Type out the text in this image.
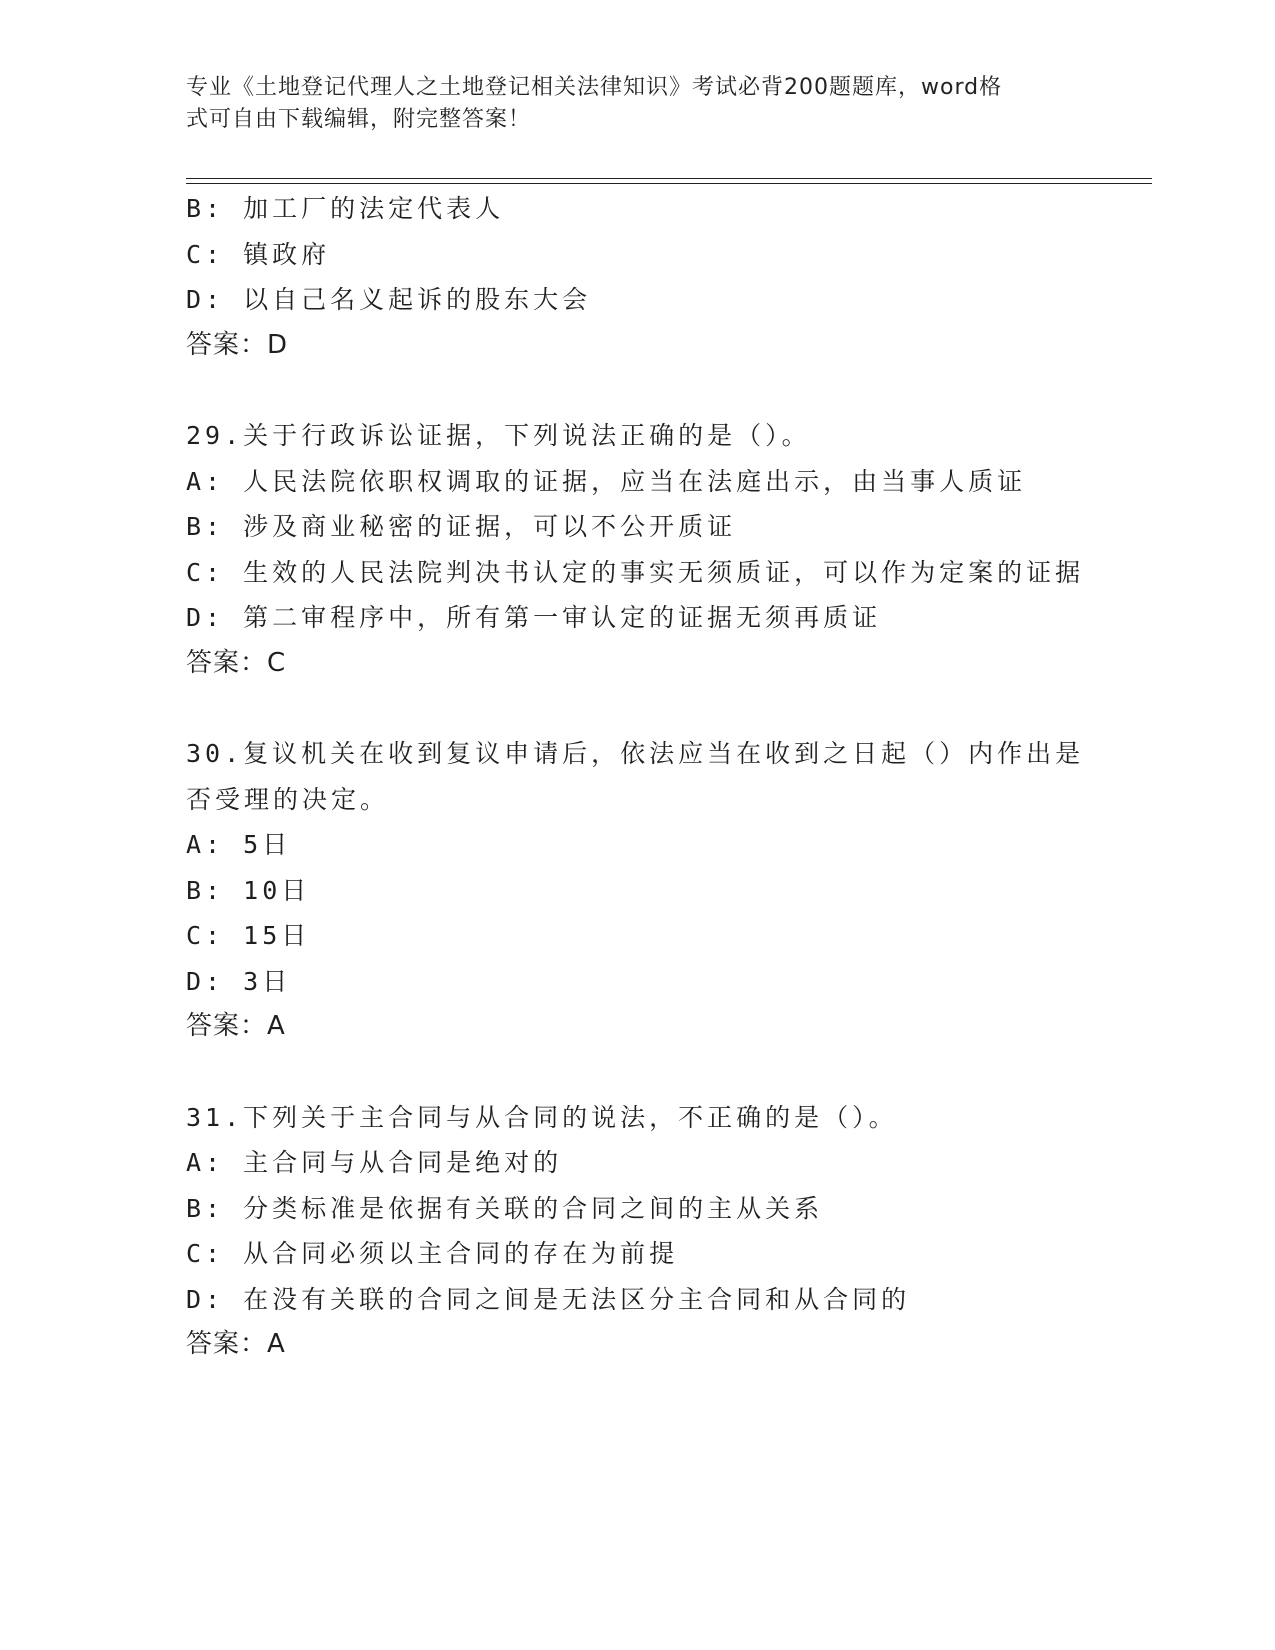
专业《土地登记代理人之土地登记相关法律知识》考试必背200题题库，word格
式可自由下载编辑，附完整答案！
B: 加工厂的法定代表人
C: 镇政府
D: 以自己名义起诉的股东大会
答案：D
29.关于行政诉讼证据，下列说法正确的是（）。
A: 人民法院依职权调取的证据，应当在法庭出示，由当事人质证
B: 涉及商业秘密的证据，可以不公开质证
C: 生效的人民法院判决书认定的事实无须质证，可以作为定案的证据
D: 第二审程序中，所有第一审认定的证据无须再质证
答案：C
30.复议机关在收到复议申请后，依法应当在收到之日起（）内作出是
否受理的决定。
A: 5日
B: 10日
C: 15日
D: 3日
答案：A
31.下列关于主合同与从合同的说法，不正确的是（）。
A: 主合同与从合同是绝对的
B: 分类标准是依据有关联的合同之间的主从关系
C: 从合同必须以主合同的存在为前提
D: 在没有关联的合同之间是无法区分主合同和从合同的
答案：A
